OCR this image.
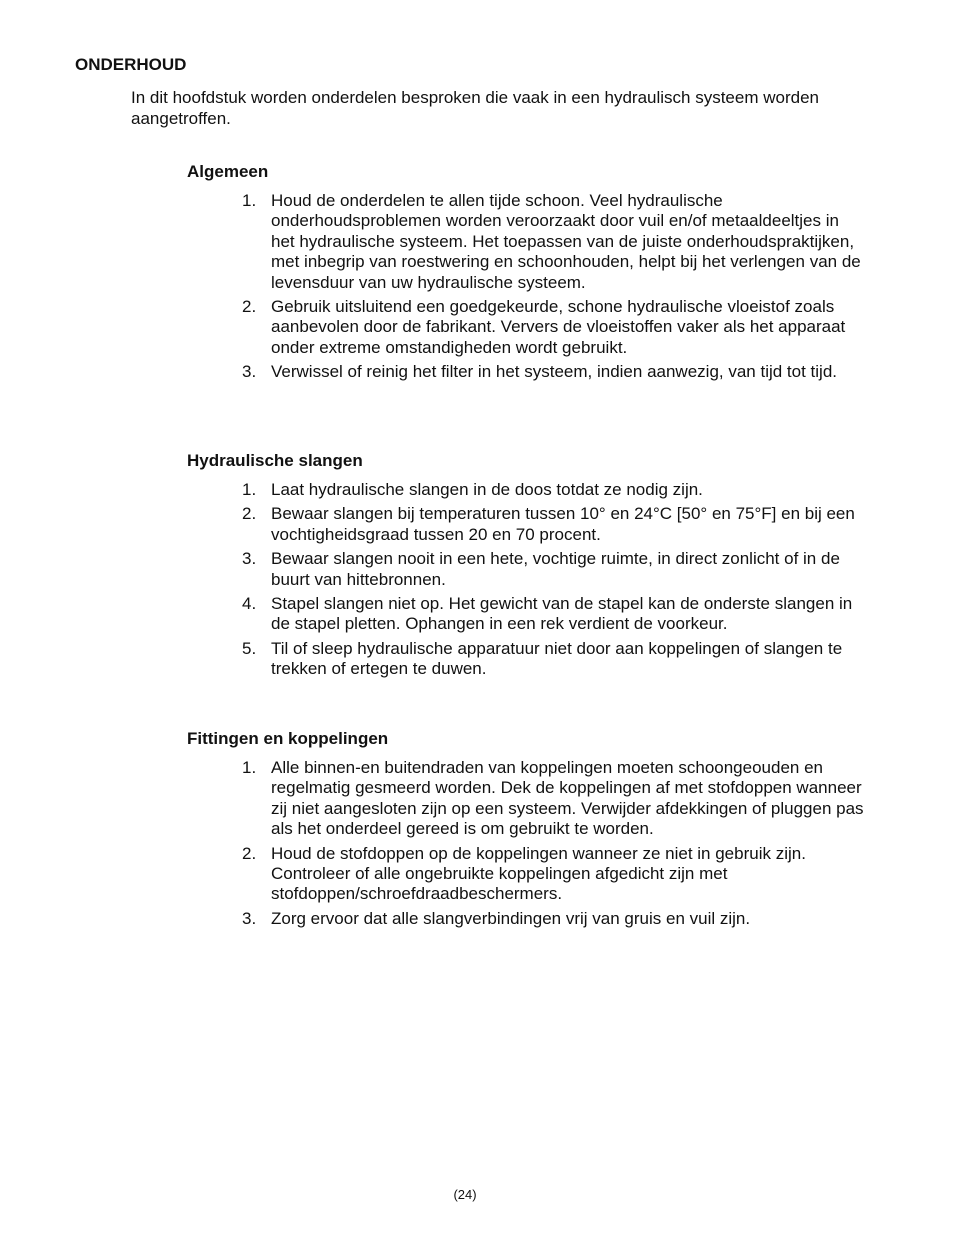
ONDERHOUD

In dit hoofdstuk worden onderdelen besproken die vaak in een hydraulisch systeem worden aangetroffen.

Algemeen
1. Houd de onderdelen te allen tijde schoon. Veel hydraulische onderhoudsproblemen worden veroorzaakt door vuil en/of metaaldeeltjes in het hydraulische systeem. Het toepassen van de juiste onderhoudspraktijken, met inbegrip van roestwering en schoonhouden, helpt bij het verlengen van de levensduur van uw hydraulische systeem.
2. Gebruik uitsluitend een goedgekeurde, schone hydraulische vloeistof zoals aanbevolen door de fabrikant. Ververs de vloeistoffen vaker als het apparaat onder extreme omstandigheden wordt gebruikt.
3. Verwissel of reinig het filter in het systeem, indien aanwezig, van tijd tot tijd.
Hydraulische slangen
1. Laat hydraulische slangen in de doos totdat ze nodig zijn.
2. Bewaar slangen bij temperaturen tussen 10° en 24°C [50° en 75°F] en bij een vochtigheidsgraad tussen 20 en 70 procent.
3. Bewaar slangen nooit in een hete, vochtige ruimte, in direct zonlicht of in de buurt van hittebronnen.
4. Stapel slangen niet op. Het gewicht van de stapel kan de onderste slangen in de stapel pletten. Ophangen in een rek verdient de voorkeur.
5. Til of sleep hydraulische apparatuur niet door aan koppelingen of slangen te trekken of ertegen te duwen.
Fittingen en koppelingen
1. Alle binnen-en buitendraden van koppelingen moeten schoongeouden en regelmatig gesmeerd worden. Dek de koppelingen af met stofdoppen wanneer zij niet aangesloten zijn op een systeem. Verwijder afdekkingen of pluggen pas als het onderdeel gereed is om gebruikt te worden.
2. Houd de stofdoppen op de koppelingen wanneer ze niet in gebruik zijn. Controleer of alle ongebruikte koppelingen afgedicht zijn met stofdoppen/schroefdraadbeschermers.
3. Zorg ervoor dat alle slangverbindingen vrij van gruis en vuil zijn.
(24)
